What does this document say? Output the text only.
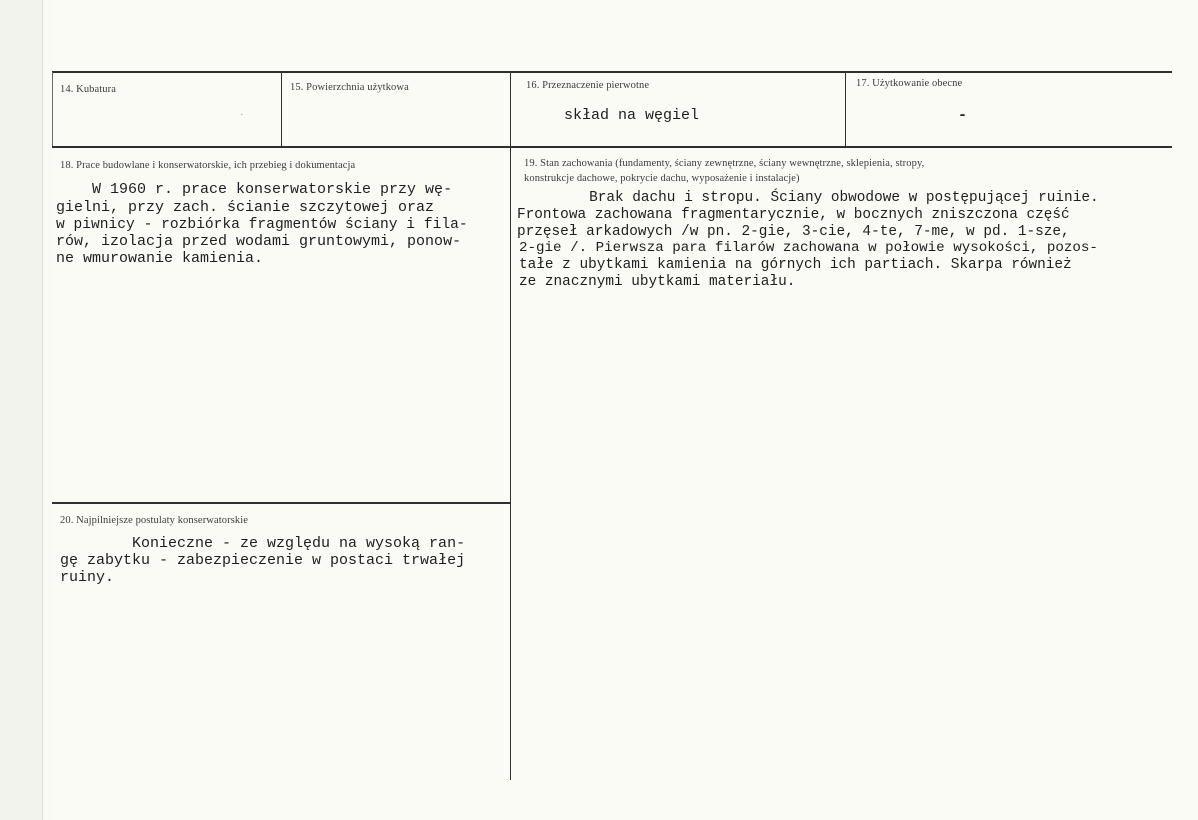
14. Kubatura
·
15. Powierzchnia użytkowa	16. Przeznaczenie pierwotne
skład na węgiel
17. Użytkowanie obecne
-
18. Prace budowlane i konserwatorskie, ich przebieg i dokumentacja
W 1960 r. prace konserwatorskie przy wę-
gielni, przy zach. ścianie szczytowej oraz
w piwnicy - rozbiórka fragmentów ściany i fila-
rów, izolacja przed wodami gruntowymi, ponow-
ne wmurowanie kamienia.
19. Stan zachowania (fundamenty, ściany zewnętrzne, ściany wewnętrzne, sklepienia, stropy,
konstrukcje dachowe, pokrycie dachu, wyposażenie i instalacje)
Brak dachu i stropu. Ściany obwodowe w postępującej ruinie.
Frontowa zachowana fragmentarycznie, w bocznych zniszczona część
przęseł arkadowych /w pn. 2-gie, 3-cie, 4-te, 7-me, w pd. 1-sze,
2-gie /. Pierwsza para filarów zachowana w połowie wysokości, pozos-
tałe z ubytkami kamienia na górnych ich partiach. Skarpa również
ze znacznymi ubytkami materiału.
20. Najpilniejsze postulaty konserwatorskie
Konieczne - ze względu na wysoką ran-
gę zabytku - zabezpieczenie w postaci trwałej
ruiny.
